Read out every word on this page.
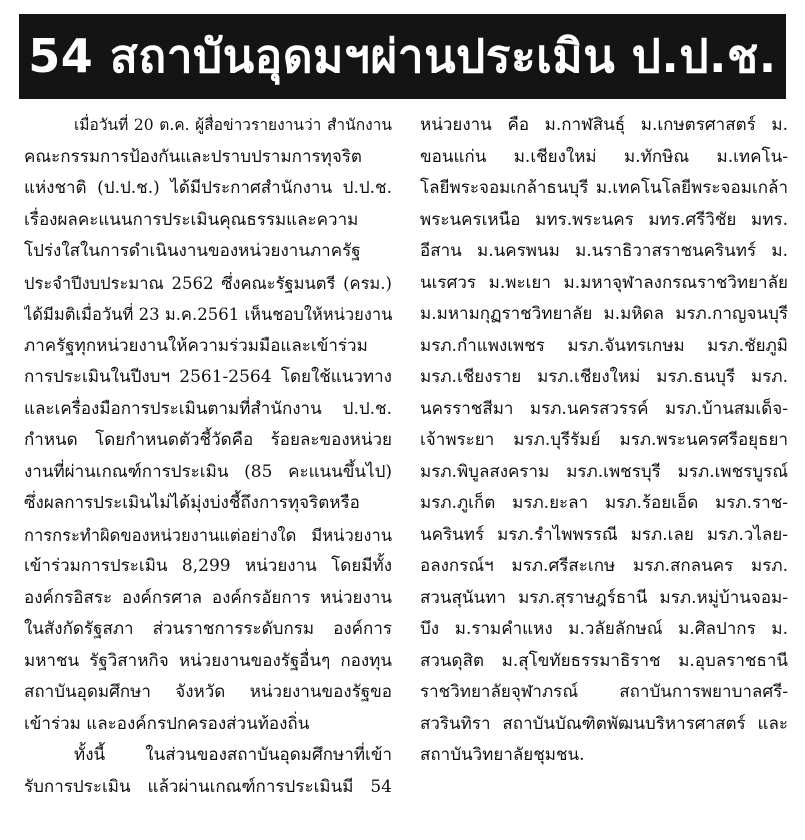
54 สถาบันอุดมฯผ่านประเมิน ป.ป.ช.
เมื่อวันที่ 20 ต.ค. ผู้สื่อข่าวรายงานว่า สำนักงาน
คณะกรรมการป้องกันและปราบปรามการทุจริต
แห่งชาติ (ป.ป.ช.) ได้มีประกาศสำนักงาน ป.ป.ช.
เรื่องผลคะแนนการประเมินคุณธรรมและความ
โปร่งใสในการดำเนินงานของหน่วยงานภาครัฐ
ประจำปีงบประมาณ 2562 ซึ่งคณะรัฐมนตรี (ครม.)
ได้มีมติเมื่อวันที่ 23 ม.ค.2561 เห็นชอบให้หน่วยงาน
ภาครัฐทุกหน่วยงานให้ความร่วมมือและเข้าร่วม
การประเมินในปีงบฯ 2561-2564 โดยใช้แนวทาง
และเครื่องมือการประเมินตามที่สำนักงาน ป.ป.ช.
กำหนด โดยกำหนดตัวชี้วัดคือ ร้อยละของหน่วย
งานที่ผ่านเกณฑ์การประเมิน (85 คะแนนขึ้นไป)
ซึ่งผลการประเมินไม่ได้มุ่งบ่งชี้ถึงการทุจริตหรือ
การกระทำผิดของหน่วยงานแต่อย่างใด มีหน่วยงาน
เข้าร่วมการประเมิน 8,299 หน่วยงาน โดยมีทั้ง
องค์กรอิสระ องค์กรศาล องค์กรอัยการ หน่วยงาน
ในสังกัดรัฐสภา ส่วนราชการระดับกรม องค์การ
มหาชน รัฐวิสาหกิจ หน่วยงานของรัฐอื่นๆ กองทุน
สถาบันอุดมศึกษา จังหวัด หน่วยงานของรัฐขอ
เข้าร่วม และองค์กรปกครองส่วนท้องถิ่น
ทั้งนี้ ในส่วนของสถาบันอุดมศึกษาที่เข้า
รับการประเมิน แล้วผ่านเกณฑ์การประเมินมี 54
หน่วยงาน คือ ม.กาฬสินธุ์ ม.เกษตรศาสตร์ ม.
ขอนแก่น ม.เชียงใหม่ ม.ทักษิณ ม.เทคโน-
โลยีพระจอมเกล้าธนบุรี ม.เทคโนโลยีพระจอมเกล้า
พระนครเหนือ มทร.พระนคร มทร.ศรีวิชัย มทร.
อีสาน ม.นครพนม ม.นราธิวาสราชนครินทร์ ม.
นเรศวร ม.พะเยา ม.มหาจุฬาลงกรณราชวิทยาลัย
ม.มหามกุฏราชวิทยาลัย ม.มหิดล มรภ.กาญจนบุรี
มรภ.กำแพงเพชร มรภ.จันทรเกษม มรภ.ชัยภูมิ
มรภ.เชียงราย มรภ.เชียงใหม่ มรภ.ธนบุรี มรภ.
นครราชสีมา มรภ.นครสวรรค์ มรภ.บ้านสมเด็จ-
เจ้าพระยา มรภ.บุรีรัมย์ มรภ.พระนครศรีอยุธยา
มรภ.พิบูลสงคราม มรภ.เพชรบุรี มรภ.เพชรบูรณ์
มรภ.ภูเก็ต มรภ.ยะลา มรภ.ร้อยเอ็ด มรภ.ราช-
นครินทร์ มรภ.รำไพพรรณี มรภ.เลย มรภ.วไลย-
อลงกรณ์ฯ มรภ.ศรีสะเกษ มรภ.สกลนคร มรภ.
สวนสุนันทา มรภ.สุราษฎร์ธานี มรภ.หมู่บ้านจอม-
บึง ม.รามคำแหง ม.วลัยลักษณ์ ม.ศิลปากร ม.
สวนดุสิต ม.สุโขทัยธรรมาธิราช ม.อุบลราชธานี
ราชวิทยาลัยจุฬาภรณ์ สถาบันการพยาบาลศรี-
สวรินทิรา สถาบันบัณฑิตพัฒนบริหารศาสตร์ และ
สถาบันวิทยาลัยชุมชน.
